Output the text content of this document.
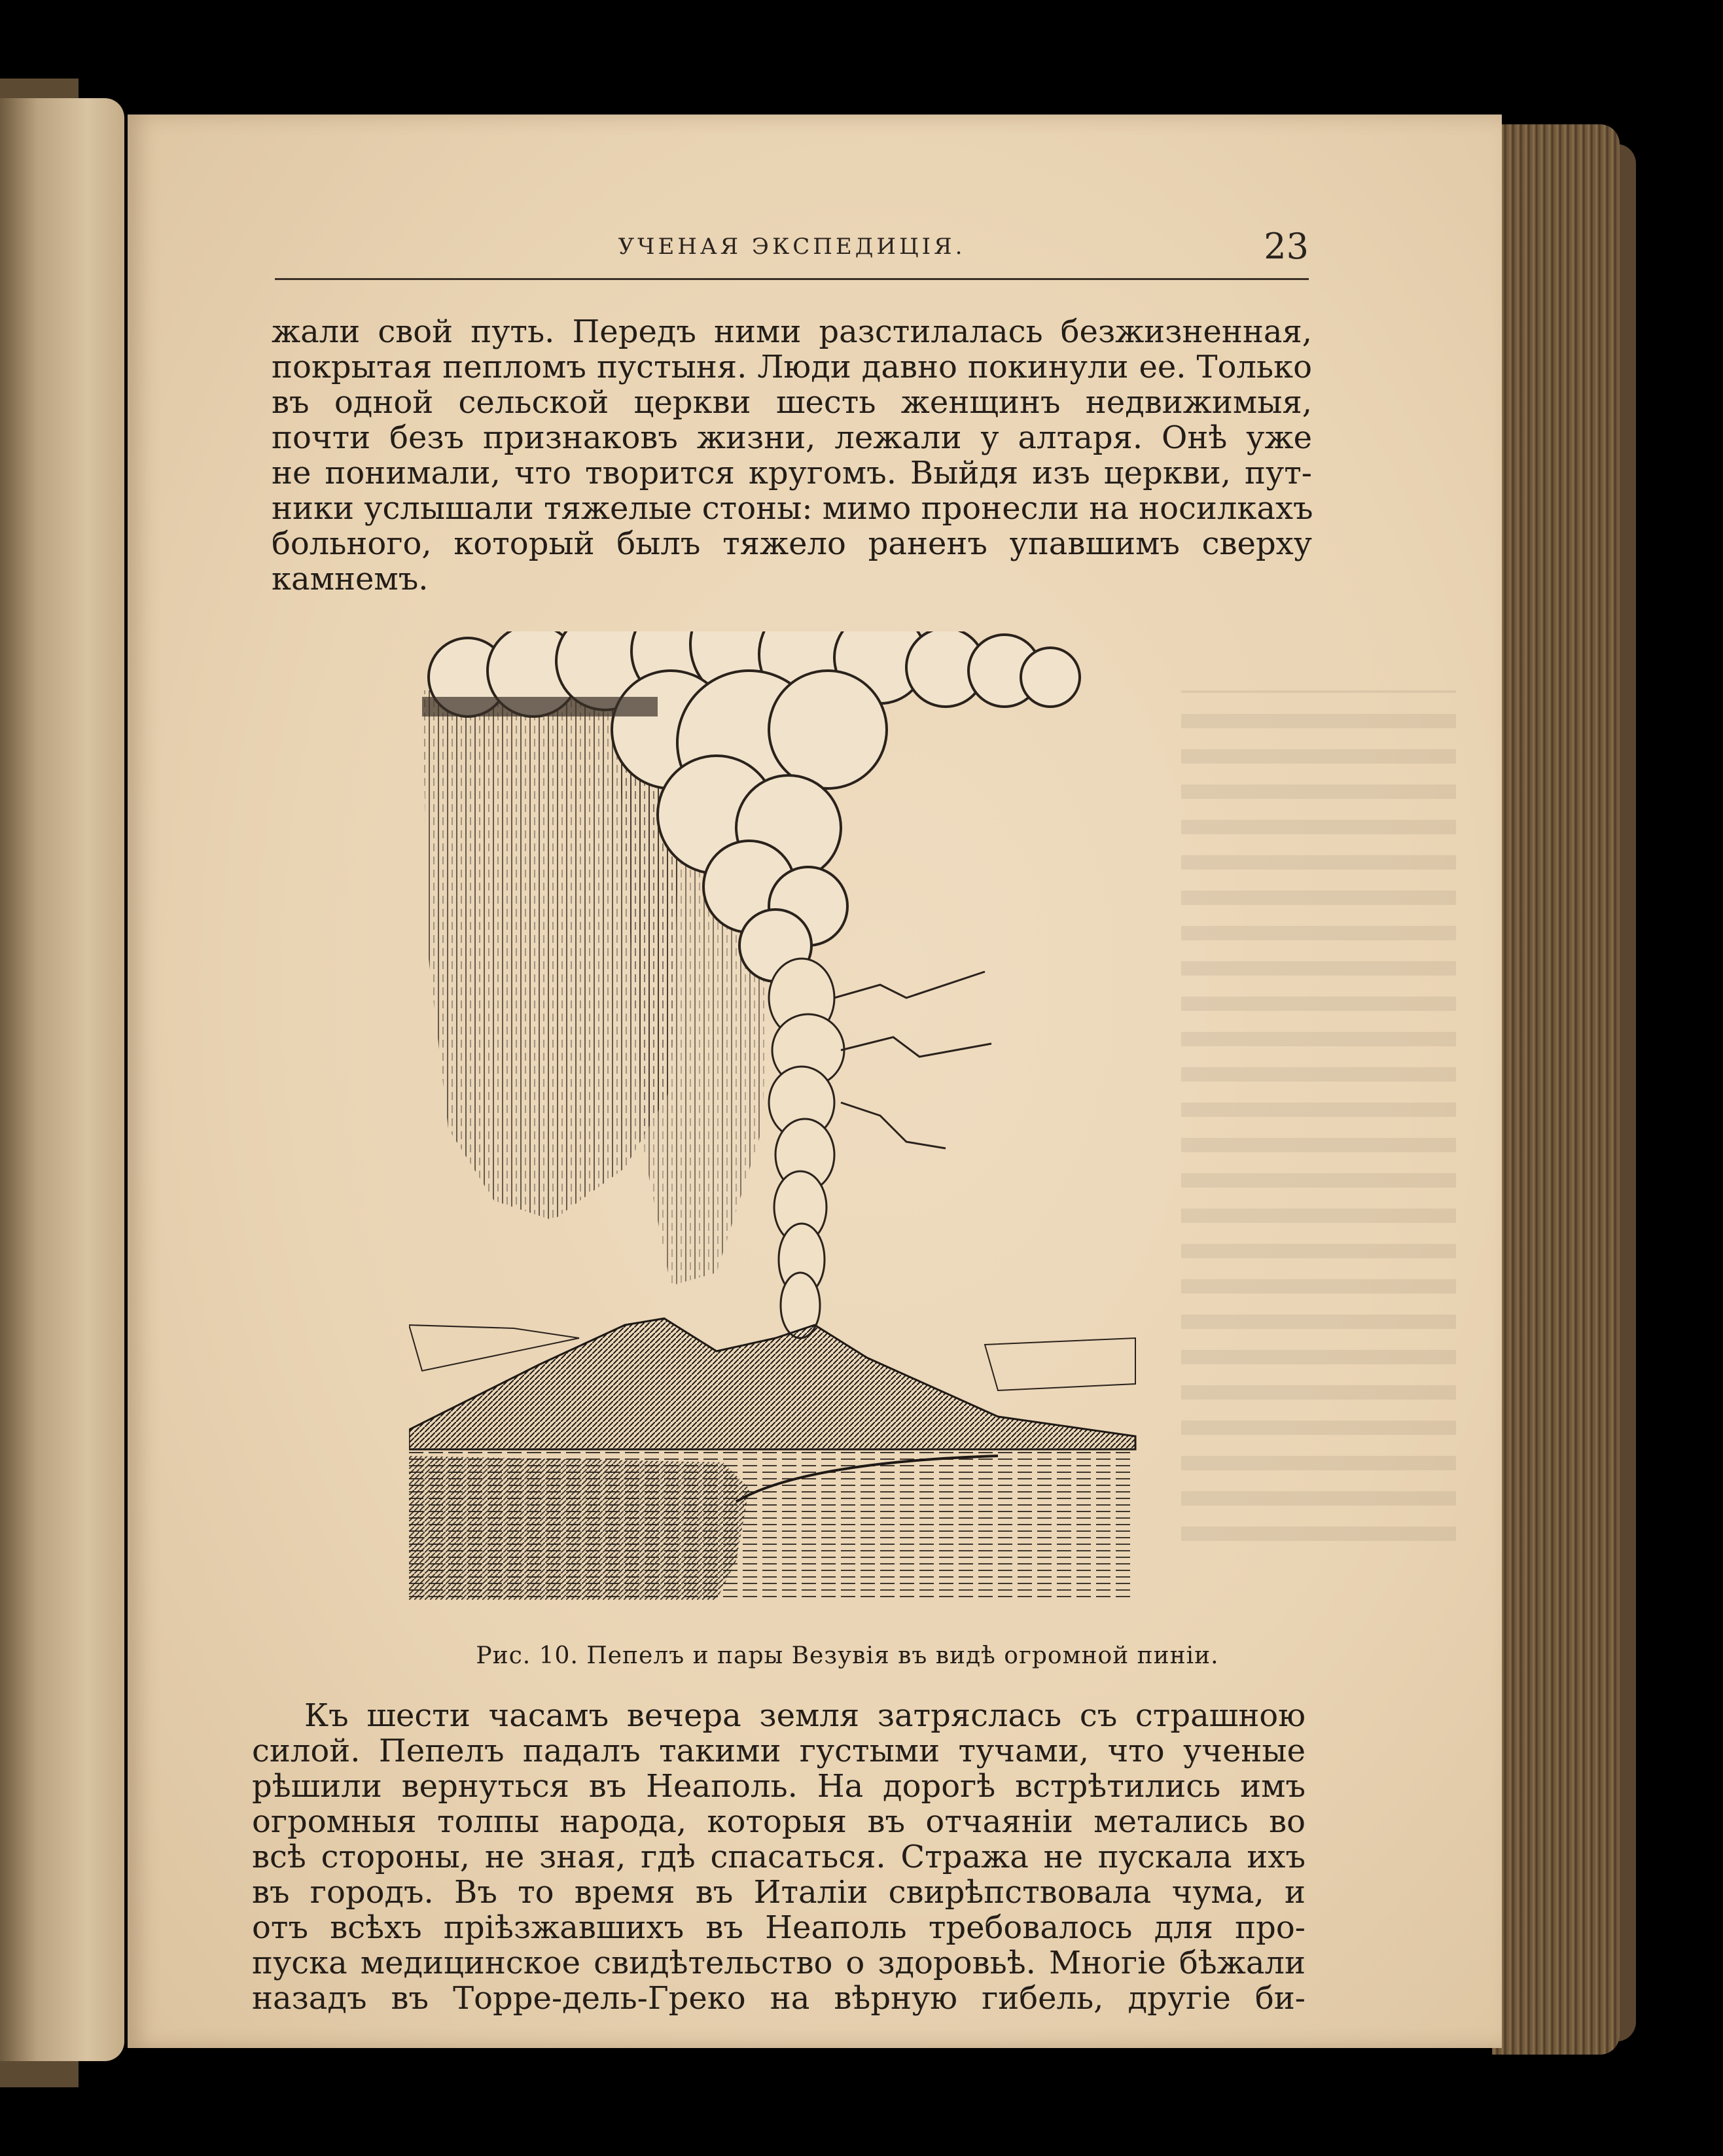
УЧЕНАЯ ЭКСПЕДИЦІЯ.	23
жали свой путь. Передъ ними разстилалась безжизненная,
покрытая пепломъ пустыня. Люди давно покинули ее. Только
въ одной сельской церкви шесть женщинъ недвижимыя,
почти безъ признаковъ жизни, лежали у алтаря. Онѣ уже
не понимали, что творится кругомъ. Выйдя изъ церкви, пут-
ники услышали тяжелые стоны: мимо пронесли на носилкахъ
больного, который былъ тяжело раненъ упавшимъ сверху
камнемъ.
Рис. 10. Пепелъ и пары Везувія въ видѣ огромной пиніи.
Къ шести часамъ вечера земля затряслась съ страшною
силой. Пепелъ падалъ такими густыми тучами, что ученые
рѣшили вернуться въ Неаполь. На дорогѣ встрѣтились имъ
огромныя толпы народа, которыя въ отчаяніи метались во
всѣ стороны, не зная, гдѣ спасаться. Стража не пускала ихъ
въ городъ. Въ то время въ Италіи свирѣпствовала чума, и
отъ всѣхъ пріѣзжавшихъ въ Неаполь требовалось для про-
пуска медицинское свидѣтельство о здоровьѣ. Многіе бѣжали
назадъ въ Торре-дель-Греко на вѣрную гибель, другіе би-
